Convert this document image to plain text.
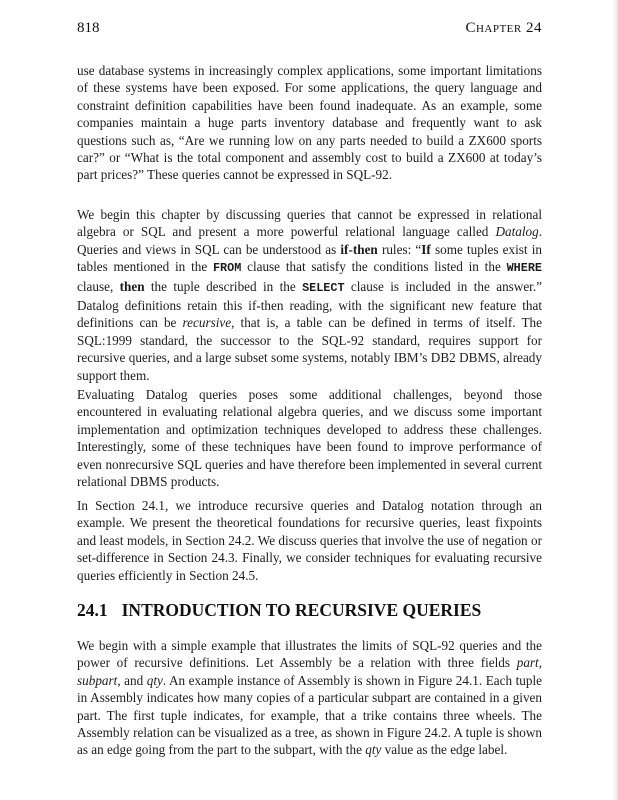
818	Chapter 24

use database systems in increasingly complex applications, some important limitations of these systems have been exposed. For some applications, the query language and constraint definition capabilities have been found inadequate. As an example, some companies maintain a huge parts inventory database and frequently want to ask questions such as, “Are we running low on any parts needed to build a ZX600 sports car?” or “What is the total component and assembly cost to build a ZX600 at today’s part prices?” These queries cannot be expressed in SQL-92.

We begin this chapter by discussing queries that cannot be expressed in relational algebra or SQL and present a more powerful relational language called Datalog. Queries and views in SQL can be understood as if-then rules: “If some tuples exist in tables mentioned in the FROM clause that satisfy the conditions listed in the WHERE clause, then the tuple described in the SELECT clause is included in the answer.” Datalog definitions retain this if-then reading, with the significant new feature that definitions can be recursive, that is, a table can be defined in terms of itself. The SQL:1999 standard, the successor to the SQL-92 standard, requires support for recursive queries, and a large subset some systems, notably IBM’s DB2 DBMS, already support them.

Evaluating Datalog queries poses some additional challenges, beyond those encountered in evaluating relational algebra queries, and we discuss some important implementation and optimization techniques developed to address these challenges. Interestingly, some of these techniques have been found to improve performance of even nonrecursive SQL queries and have therefore been implemented in several current relational DBMS products.

In Section 24.1, we introduce recursive queries and Datalog notation through an example. We present the theoretical foundations for recursive queries, least fixpoints and least models, in Section 24.2. We discuss queries that involve the use of negation or set-difference in Section 24.3. Finally, we consider techniques for evaluating recursive queries efficiently in Section 24.5.

24.1 INTRODUCTION TO RECURSIVE QUERIES

We begin with a simple example that illustrates the limits of SQL-92 queries and the power of recursive definitions. Let Assembly be a relation with three fields part, subpart, and qty. An example instance of Assembly is shown in Figure 24.1. Each tuple in Assembly indicates how many copies of a particular subpart are contained in a given part. The first tuple indicates, for example, that a trike contains three wheels. The Assembly relation can be visualized as a tree, as shown in Figure 24.2. A tuple is shown as an edge going from the part to the subpart, with the qty value as the edge label.
